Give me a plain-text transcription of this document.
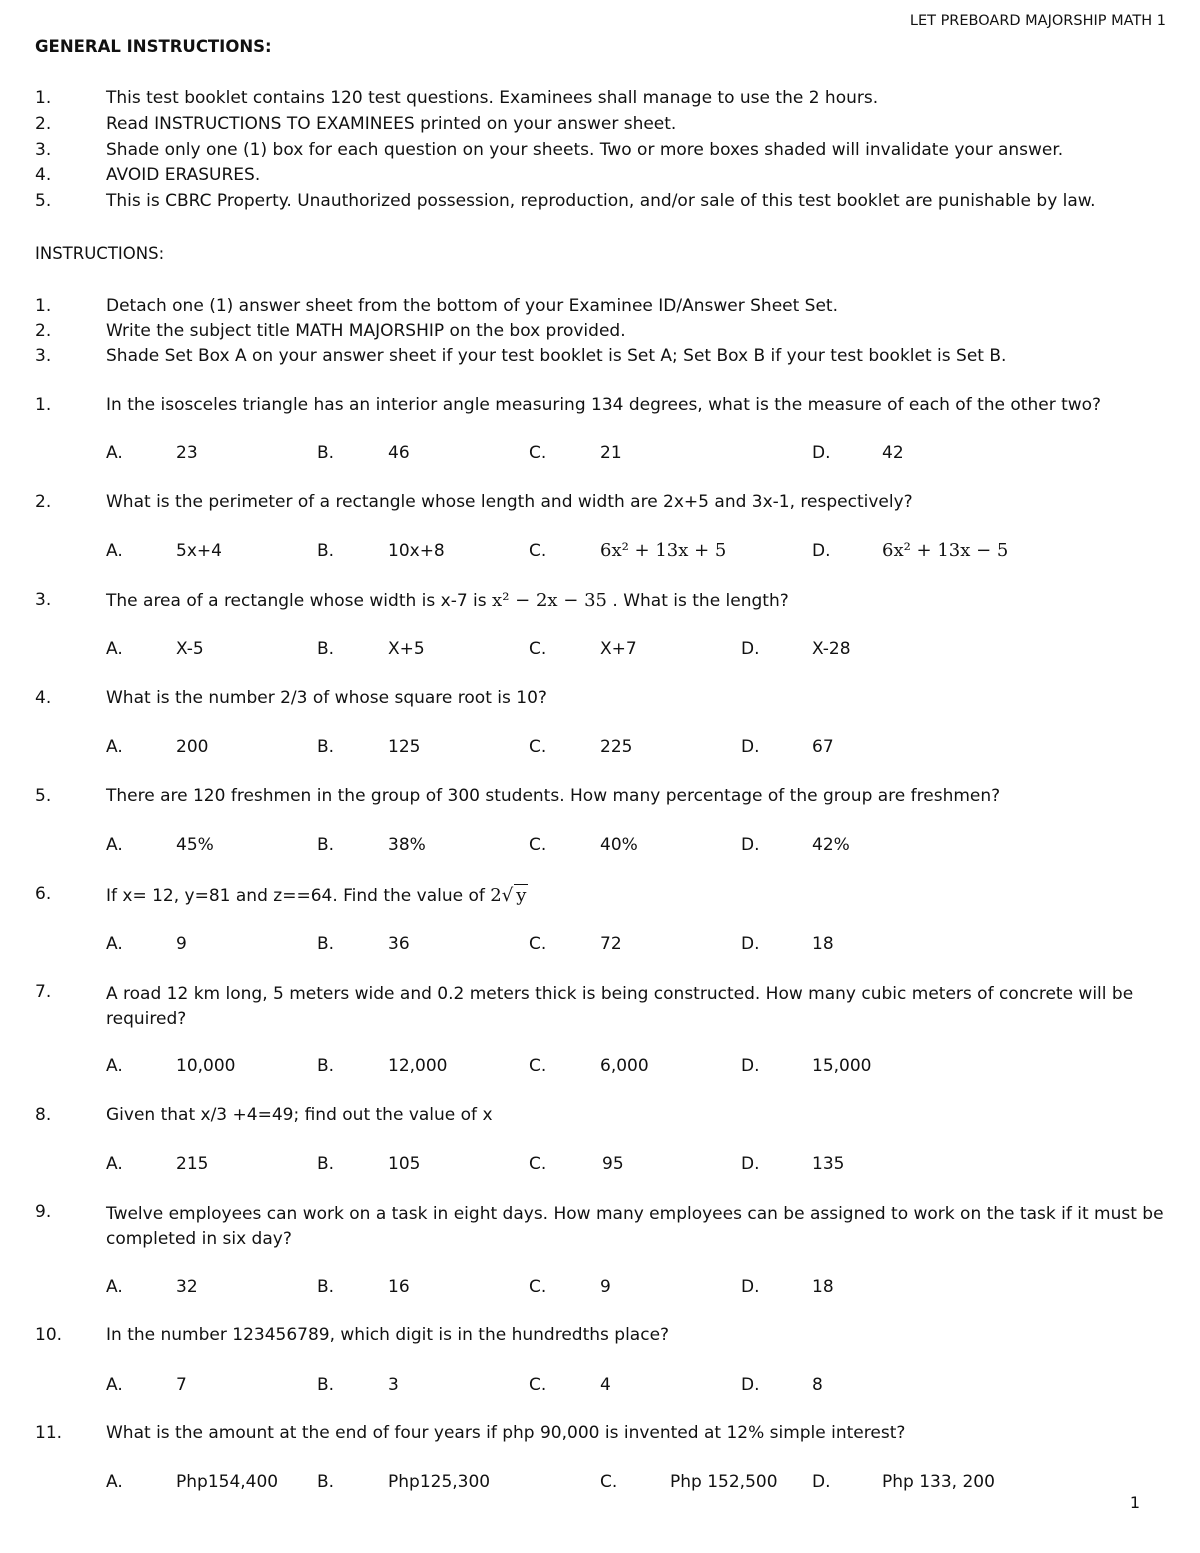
LET PREBOARD MAJORSHIP MATH 1
GENERAL INSTRUCTIONS:
1.	This test booklet contains 120 test questions. Examinees shall manage to use the 2 hours.
2.	Read INSTRUCTIONS TO EXAMINEES printed on your answer sheet.
3.	Shade only one (1) box for each question on your sheets. Two or more boxes shaded will invalidate your answer.
4.	AVOID ERASURES.
5.	This is CBRC Property. Unauthorized possession, reproduction, and/or sale of this test booklet are punishable by law.
INSTRUCTIONS:
1.	Detach one (1) answer sheet from the bottom of your Examinee ID/Answer Sheet Set.
2.	Write the subject title MATH MAJORSHIP on the box provided.
3.	Shade Set Box A on your answer sheet if your test booklet is Set A; Set Box B if your test booklet is Set B.
1.	In the isosceles triangle has an interior angle measuring 134 degrees, what is the measure of each of the other two?
A.	23	B.	46	C.	21	D.	42
2.	What is the perimeter of a rectangle whose length and width are 2x+5 and 3x-1, respectively?
A.	5x+4	B.	10x+8	C.	6x² + 13x + 5	D.	6x² + 13x − 5
3.	The area of a rectangle whose width is x-7 is x² − 2x − 35 . What is the length?
A.	X-5	B.	X+5	C.	X+7	D.	X-28
4.	What is the number 2/3 of whose square root is 10?
A.	200	B.	125	C.	225	D.	67
5.	There are 120 freshmen in the group of 300 students. How many percentage of the group are freshmen?
A.	45%	B.	38%	C.	40%	D.	42%
6.	If x= 12, y=81 and z==64. Find the value of 2√ y
A.	9	B.	36	C.	72	D.	18
7.	A road 12 km long, 5 meters wide and 0.2 meters thick is being constructed. How many cubic meters of concrete will be required?
A.	10,000	B.	12,000	C.	6,000	D.	15,000
8.	Given that x/3 +4=49; find out the value of x
A.	215	B.	105	C.	95	D.	135
9.	Twelve employees can work on a task in eight days. How many employees can be assigned to work on the task if it must be completed in six day?
A.	32	B.	16	C.	9	D.	18
10.	In the number 123456789, which digit is in the hundredths place?
A.	7	B.	3	C.	4	D.	8
11.	What is the amount at the end of four years if php 90,000 is invented at 12% simple interest?
A.	Php154,400 B.	Php125,300	C.	Php 152,500 D.	Php 133, 200
1
